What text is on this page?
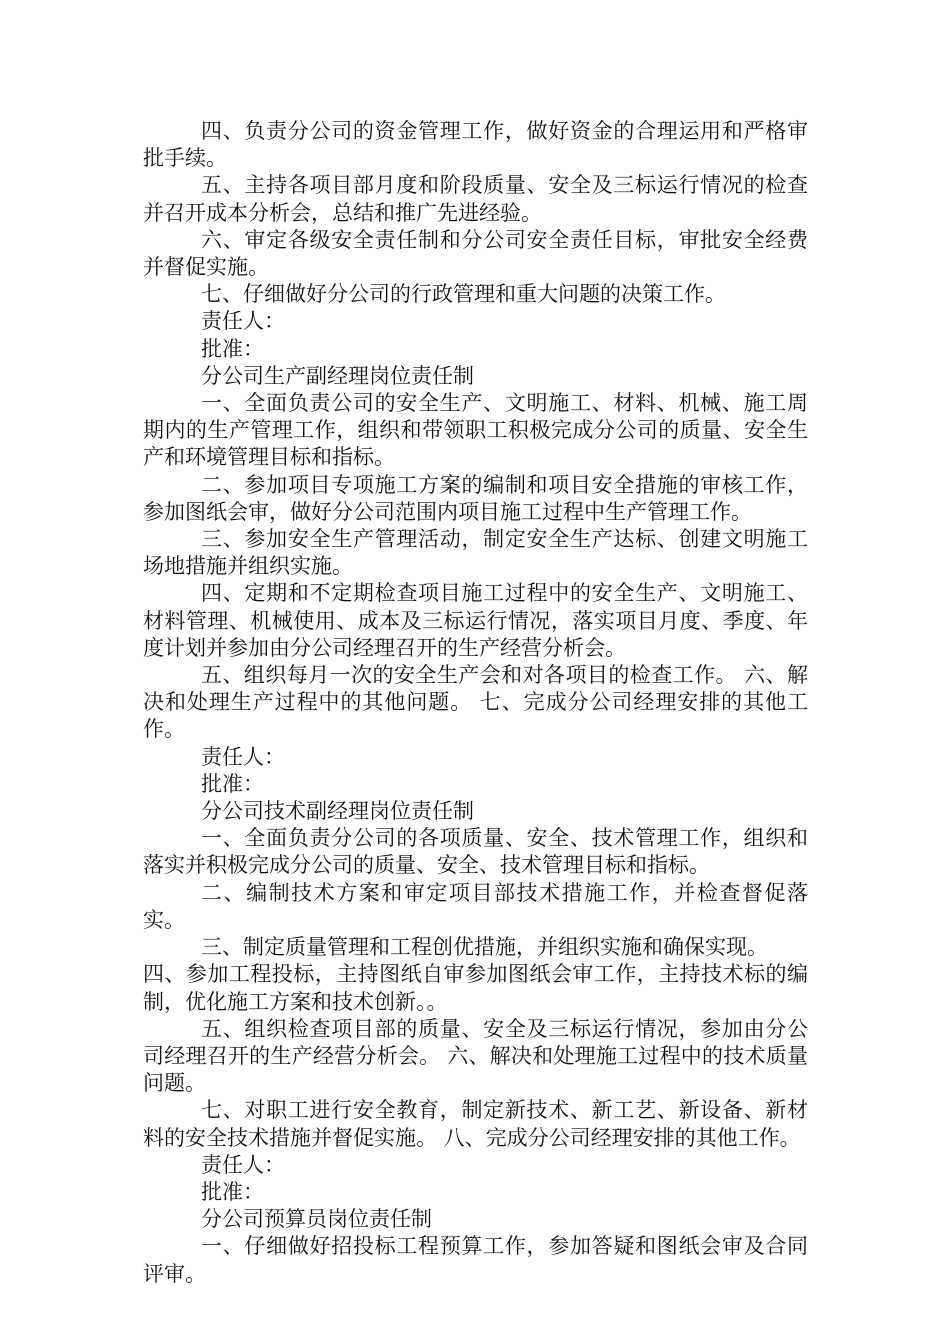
四、负责分公司的资金管理工作，做好资金的合理运用和严格审批手续。

五、主持各项目部月度和阶段质量、安全及三标运行情况的检查并召开成本分析会，总结和推广先进经验。

六、审定各级安全责任制和分公司安全责任目标，审批安全经费并督促实施。

七、仔细做好分公司的行政管理和重大问题的决策工作。

责任人：

批准：

分公司生产副经理岗位责任制

一、全面负责公司的安全生产、文明施工、材料、机械、施工周期内的生产管理工作，组织和带领职工积极完成分公司的质量、安全生产和环境管理目标和指标。

二、参加项目专项施工方案的编制和项目安全措施的审核工作，参加图纸会审，做好分公司范围内项目施工过程中生产管理工作。

三、参加安全生产管理活动，制定安全生产达标、创建文明施工场地措施并组织实施。

四、定期和不定期检查项目施工过程中的安全生产、文明施工、材料管理、机械使用、成本及三标运行情况，落实项目月度、季度、年度计划并参加由分公司经理召开的生产经营分析会。

五、组织每月一次的安全生产会和对各项目的检查工作。 六、解决和处理生产过程中的其他问题。 七、完成分公司经理安排的其他工作。

责任人：

批准：

分公司技术副经理岗位责任制

一、全面负责分公司的各项质量、安全、技术管理工作，组织和落实并积极完成分公司的质量、安全、技术管理目标和指标。

二、编制技术方案和审定项目部技术措施工作，并检查督促落实。

三、制定质量管理和工程创优措施，并组织实施和确保实现。

四、参加工程投标，主持图纸自审参加图纸会审工作，主持技术标的编制，优化施工方案和技术创新。。

五、组织检查项目部的质量、安全及三标运行情况，参加由分公司经理召开的生产经营分析会。 六、解决和处理施工过程中的技术质量问题。

七、对职工进行安全教育，制定新技术、新工艺、新设备、新材料的安全技术措施并督促实施。 八、完成分公司经理安排的其他工作。

责任人：

批准：

分公司预算员岗位责任制

一、仔细做好招投标工程预算工作，参加答疑和图纸会审及合同评审。
